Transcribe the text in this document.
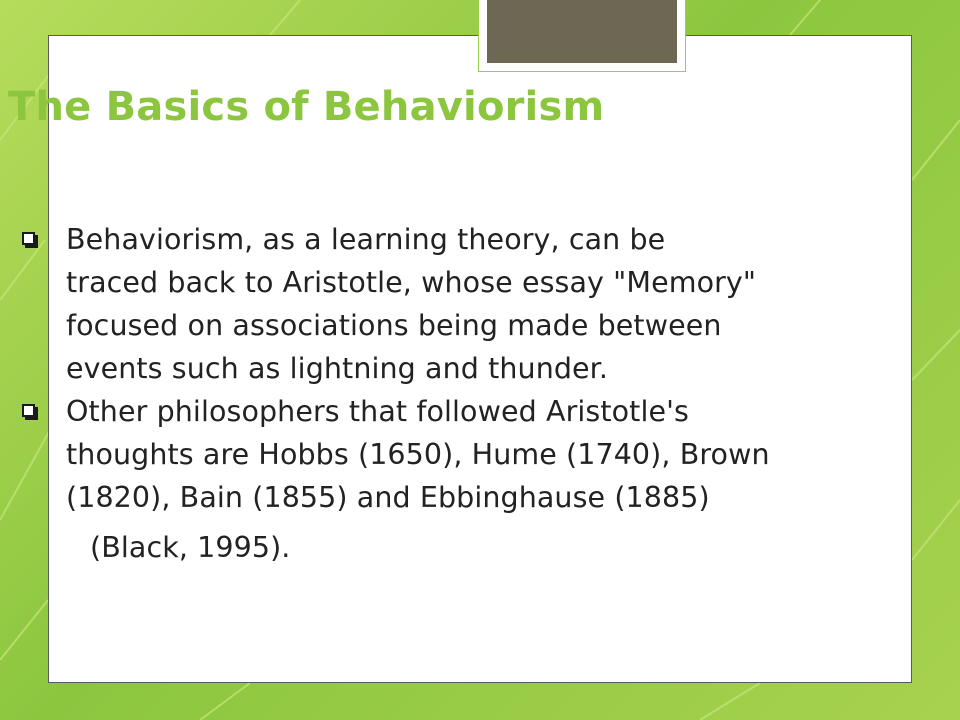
The Basics of Behaviorism
Behaviorism, as a learning theory, can be
traced back to Aristotle, whose essay "Memory"
focused on associations being made between
events such as lightning and thunder.
Other philosophers that followed Aristotle's
thoughts are Hobbs (1650), Hume (1740), Brown
(1820), Bain (1855) and Ebbinghause (1885)
(Black, 1995).
